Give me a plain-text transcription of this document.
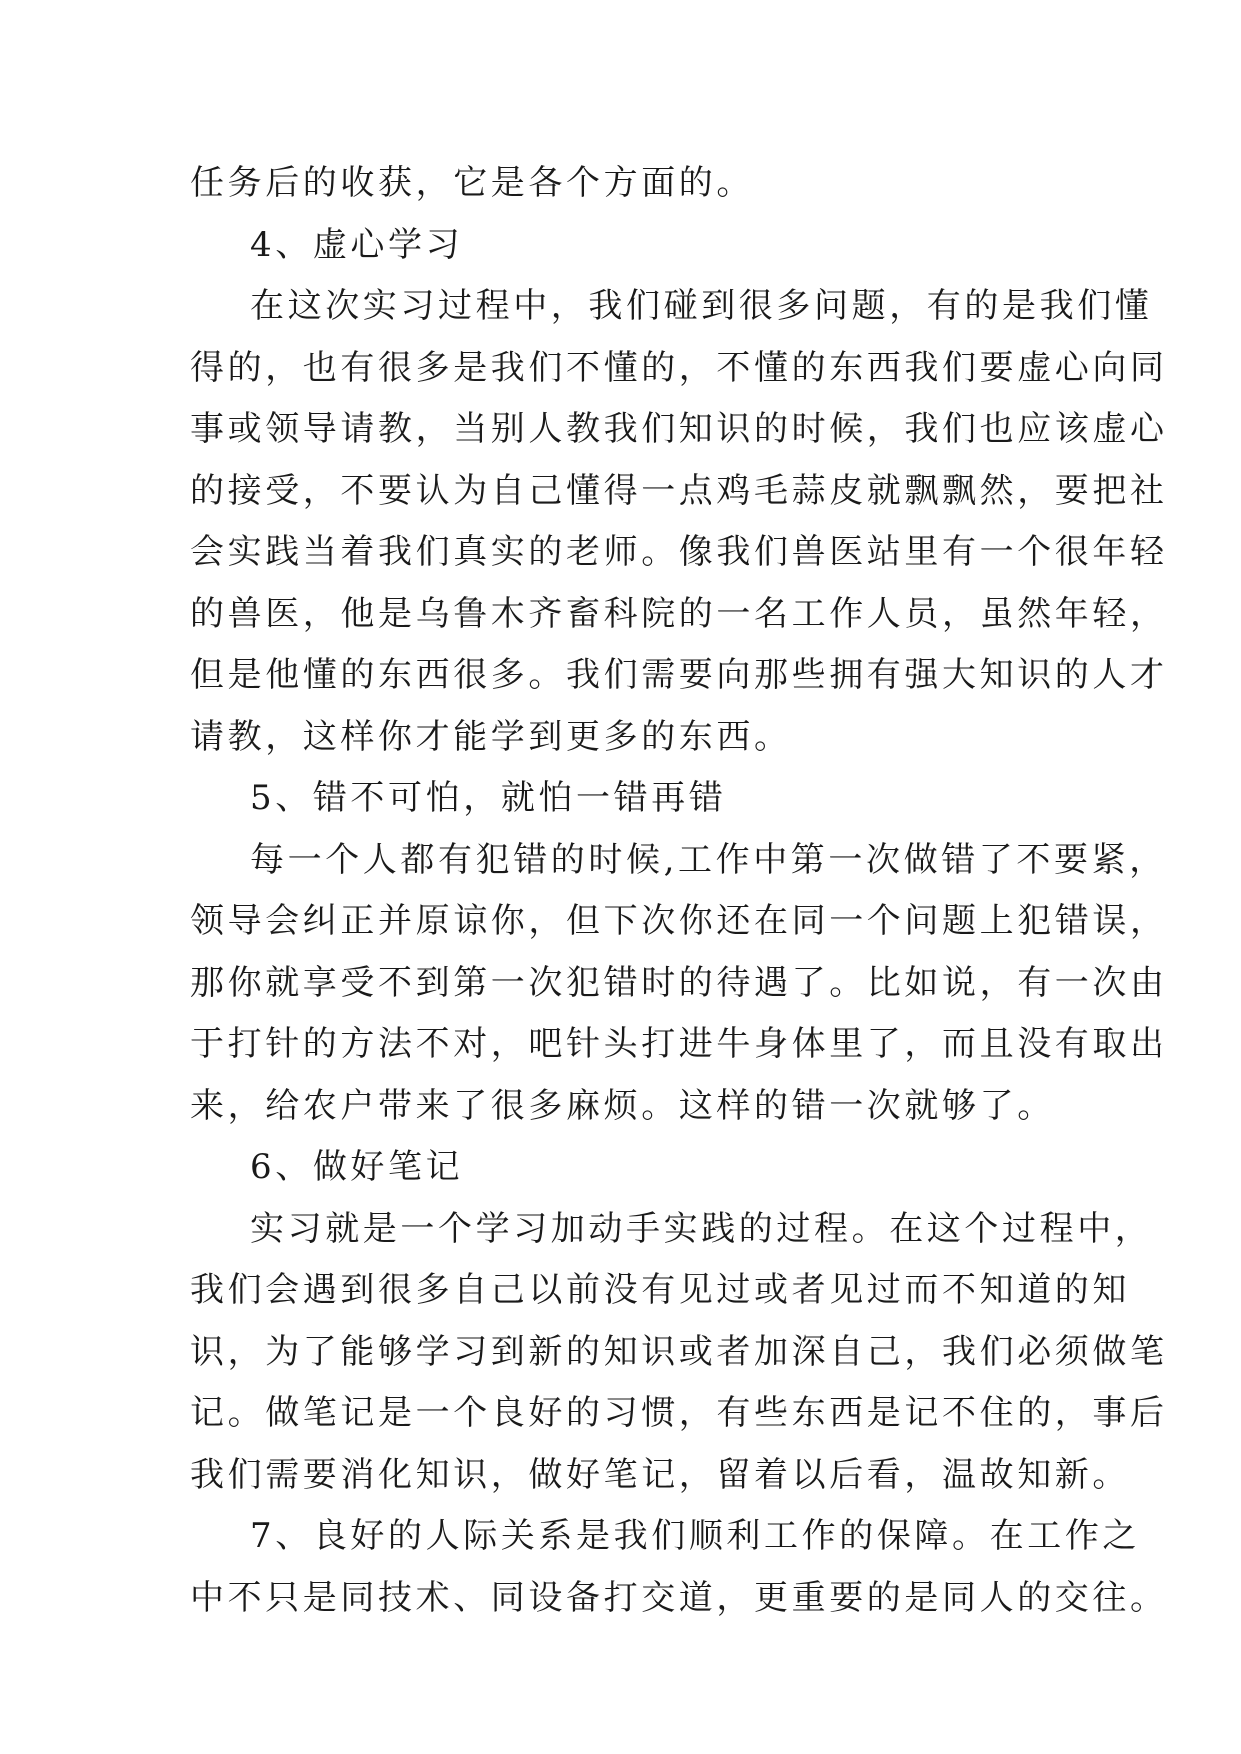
任务后的收获，它是各个方面的。

4、虚心学习

在这次实习过程中，我们碰到很多问题，有的是我们懂

得的，也有很多是我们不懂的，不懂的东西我们要虚心向同

事或领导请教，当别人教我们知识的时候，我们也应该虚心

的接受，不要认为自己懂得一点鸡毛蒜皮就飘飘然，要把社

会实践当着我们真实的老师。像我们兽医站里有一个很年轻

的兽医，他是乌鲁木齐畜科院的一名工作人员，虽然年轻，

但是他懂的东西很多。我们需要向那些拥有强大知识的人才

请教，这样你才能学到更多的东西。

5、错不可怕，就怕一错再错

每一个人都有犯错的时候,工作中第一次做错了不要紧，

领导会纠正并原谅你，但下次你还在同一个问题上犯错误，

那你就享受不到第一次犯错时的待遇了。比如说，有一次由

于打针的方法不对，吧针头打进牛身体里了，而且没有取出

来，给农户带来了很多麻烦。这样的错一次就够了。

6、做好笔记

实习就是一个学习加动手实践的过程。在这个过程中，

我们会遇到很多自己以前没有见过或者见过而不知道的知

识，为了能够学习到新的知识或者加深自己，我们必须做笔

记。做笔记是一个良好的习惯，有些东西是记不住的，事后

我们需要消化知识，做好笔记，留着以后看，温故知新。

7、良好的人际关系是我们顺利工作的保障。在工作之

中不只是同技术、同设备打交道，更重要的是同人的交往。
